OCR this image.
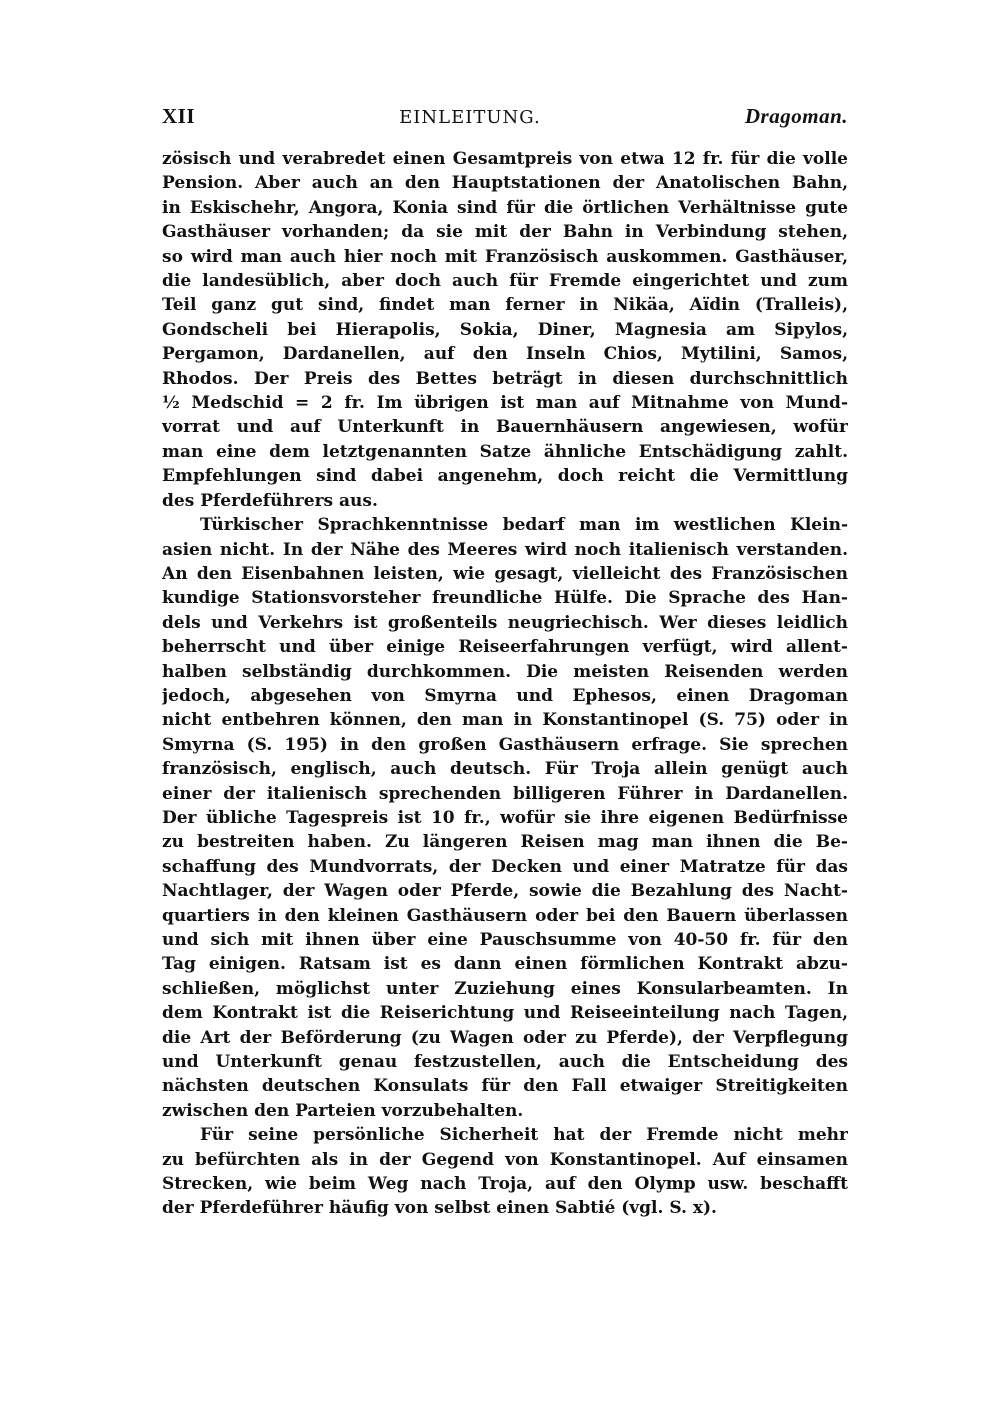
XII	EINLEITUNG.	Dragoman.
zösisch und verabredet einen Gesamtpreis von etwa 12 fr. für die volle
Pension. Aber auch an den Hauptstationen der Anatolischen Bahn,
in Eskischehr, Angora, Konia sind für die örtlichen Verhältnisse gute
Gasthäuser vorhanden; da sie mit der Bahn in Verbindung stehen,
so wird man auch hier noch mit Französisch auskommen. Gasthäuser,
die landesüblich, aber doch auch für Fremde eingerichtet und zum
Teil ganz gut sind, findet man ferner in Nikäa, Aïdin (Tralleis),
Gondscheli bei Hierapolis, Sokia, Diner, Magnesia am Sipylos,
Pergamon, Dardanellen, auf den Inseln Chios, Mytilini, Samos,
Rhodos. Der Preis des Bettes beträgt in diesen durchschnittlich
½ Medschid = 2 fr. Im übrigen ist man auf Mitnahme von Mund-
vorrat und auf Unterkunft in Bauernhäusern angewiesen, wofür
man eine dem letztgenannten Satze ähnliche Entschädigung zahlt.
Empfehlungen sind dabei angenehm, doch reicht die Vermittlung
des Pferdeführers aus.
Türkischer Sprachkenntnisse bedarf man im westlichen Klein-
asien nicht. In der Nähe des Meeres wird noch italienisch verstanden.
An den Eisenbahnen leisten, wie gesagt, vielleicht des Französischen
kundige Stationsvorsteher freundliche Hülfe. Die Sprache des Han-
dels und Verkehrs ist großenteils neugriechisch. Wer dieses leidlich
beherrscht und über einige Reiseerfahrungen verfügt, wird allent-
halben selbständig durchkommen. Die meisten Reisenden werden
jedoch, abgesehen von Smyrna und Ephesos, einen Dragoman
nicht entbehren können, den man in Konstantinopel (S. 75) oder in
Smyrna (S. 195) in den großen Gasthäusern erfrage. Sie sprechen
französisch, englisch, auch deutsch. Für Troja allein genügt auch
einer der italienisch sprechenden billigeren Führer in Dardanellen.
Der übliche Tagespreis ist 10 fr., wofür sie ihre eigenen Bedürfnisse
zu bestreiten haben. Zu längeren Reisen mag man ihnen die Be-
schaffung des Mundvorrats, der Decken und einer Matratze für das
Nachtlager, der Wagen oder Pferde, sowie die Bezahlung des Nacht-
quartiers in den kleinen Gasthäusern oder bei den Bauern überlassen
und sich mit ihnen über eine Pauschsumme von 40-50 fr. für den
Tag einigen. Ratsam ist es dann einen förmlichen Kontrakt abzu-
schließen, möglichst unter Zuziehung eines Konsularbeamten. In
dem Kontrakt ist die Reiserichtung und Reiseeinteilung nach Tagen,
die Art der Beförderung (zu Wagen oder zu Pferde), der Verpflegung
und Unterkunft genau festzustellen, auch die Entscheidung des
nächsten deutschen Konsulats für den Fall etwaiger Streitigkeiten
zwischen den Parteien vorzubehalten.
Für seine persönliche Sicherheit hat der Fremde nicht mehr
zu befürchten als in der Gegend von Konstantinopel. Auf einsamen
Strecken, wie beim Weg nach Troja, auf den Olymp usw. beschafft
der Pferdeführer häufig von selbst einen Sabtié (vgl. S. x).
